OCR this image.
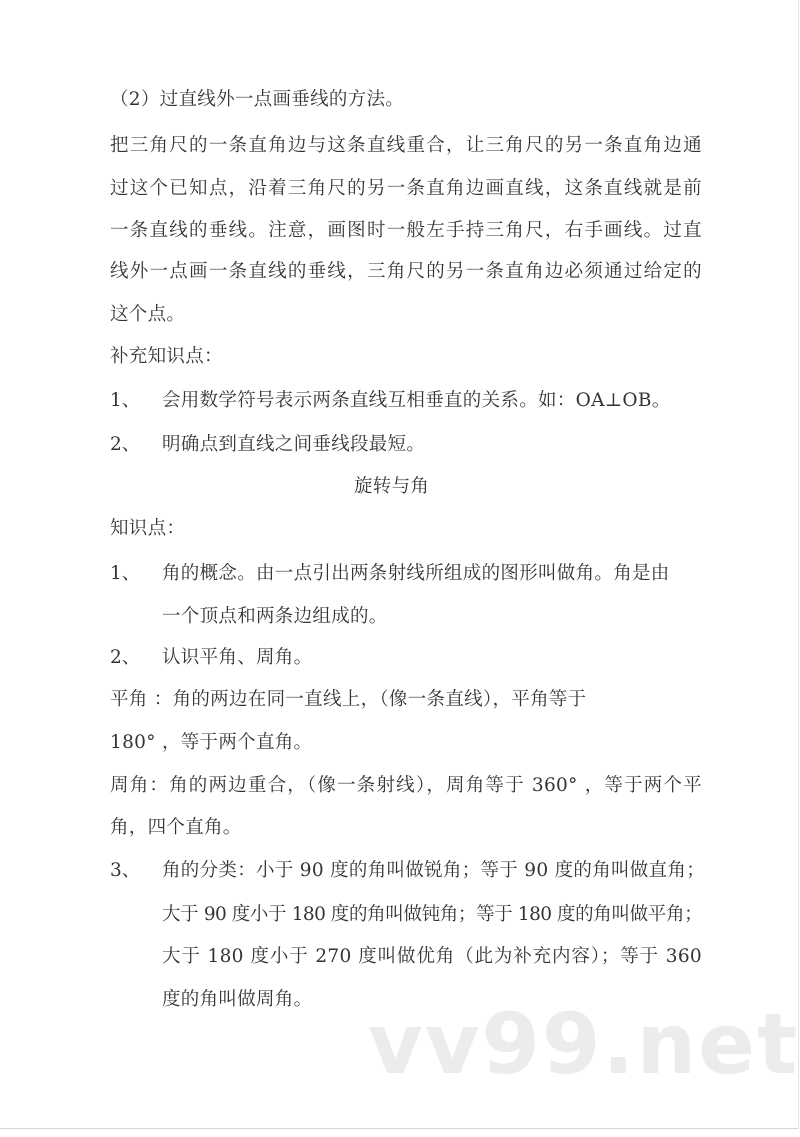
（2）过直线外一点画垂线的方法。
把三角尺的一条直角边与这条直线重合，让三角尺的另一条直角边通
过这个已知点，沿着三角尺的另一条直角边画直线，这条直线就是前
一条直线的垂线。注意，画图时一般左手持三角尺，右手画线。过直
线外一点画一条直线的垂线，三角尺的另一条直角边必须通过给定的
这个点。
补充知识点：
1、 会用数学符号表示两条直线互相垂直的关系。如：OA⊥OB。
2、 明确点到直线之间垂线段最短。
旋转与角
知识点：
1、 角的概念。由一点引出两条射线所组成的图形叫做角。角是由
一个顶点和两条边组成的。
2、 认识平角、周角。
平角 ：角的两边在同一直线上，（像一条直线），平角等于
180° ，等于两个直角。
周角：角的两边重合，（像一条射线），周角等于 360° ，等于两个平
角，四个直角。
3、 角的分类：小于 90 度的角叫做锐角；等于 90 度的角叫做直角；
大于 90 度小于 180 度的角叫做钝角；等于 180 度的角叫做平角；
大于 180 度小于 270 度叫做优角（此为补充内容）；等于 360
度的角叫做周角。 vv99.net
